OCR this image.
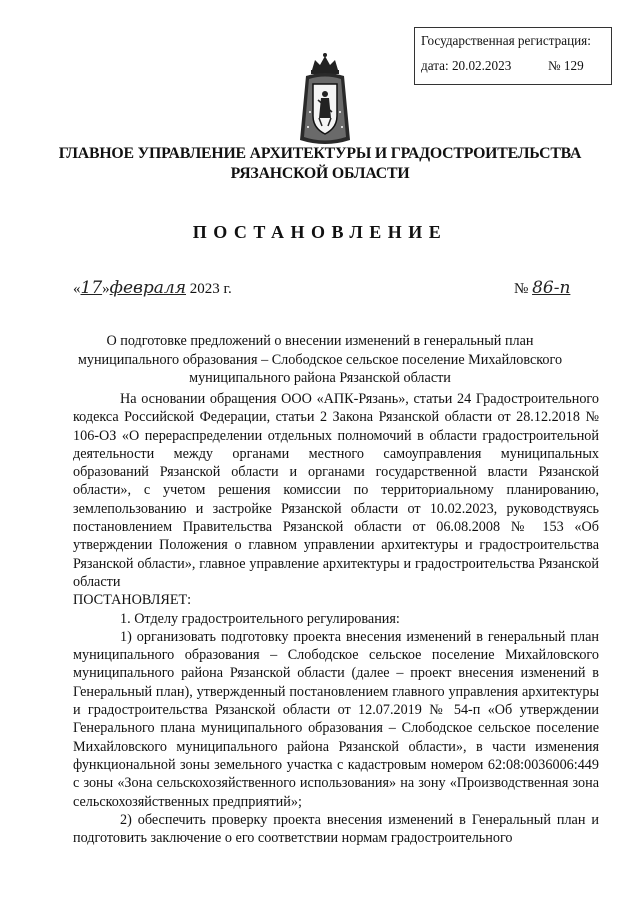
Государственная регистрация:
дата: 20.02.2023	№ 129
ГЛАВНОЕ УПРАВЛЕНИЕ АРХИТЕКТУРЫ И ГРАДОСТРОИТЕЛЬСТВА
РЯЗАНСКОЙ ОБЛАСТИ
ПОСТАНОВЛЕНИЕ
«17»февраля 2023 г.	№ 86-п
О подготовке предложений о внесении изменений в генеральный план
муниципального образования – Слободское сельское поселение Михайловского
муниципального района Рязанской области

На основании обращения ООО «АПК-Рязань», статьи 24 Градостроительного кодекса Российской Федерации, статьи 2 Закона Рязанской области от 28.12.2018 № 106-ОЗ «О перераспределении отдельных полномочий в области градостроительной деятельности между органами местного самоуправления муниципальных образований Рязанской области и органами государственной власти Рязанской области», с учетом решения комиссии по территориальному планированию, землепользованию и застройке Рязанской области от 10.02.2023, руководствуясь постановлением Правительства Рязанской области от 06.08.2008 № 153 «Об утверждении Положения о главном управлении архитектуры и градостроительства Рязанской области», главное управление архитектуры и градостроительства Рязанской области

ПОСТАНОВЛЯЕТ:

1. Отделу градостроительного регулирования:

1) организовать подготовку проекта внесения изменений в генеральный план муниципального образования – Слободское сельское поселение Михайловского муниципального района Рязанской области (далее – проект внесения изменений в Генеральный план), утвержденный постановлением главного управления архитектуры и градостроительства Рязанской области от 12.07.2019 № 54-п «Об утверждении Генерального плана муниципального образования – Слободское сельское поселение Михайловского муниципального района Рязанской области», в части изменения функциональной зоны земельного участка с кадастровым номером 62:08:0036006:449 с зоны «Зона сельскохозяйственного использования» на зону «Производственная зона сельскохозяйственных предприятий»;

2) обеспечить проверку проекта внесения изменений в Генеральный план и подготовить заключение о его соответствии нормам градостроительного
